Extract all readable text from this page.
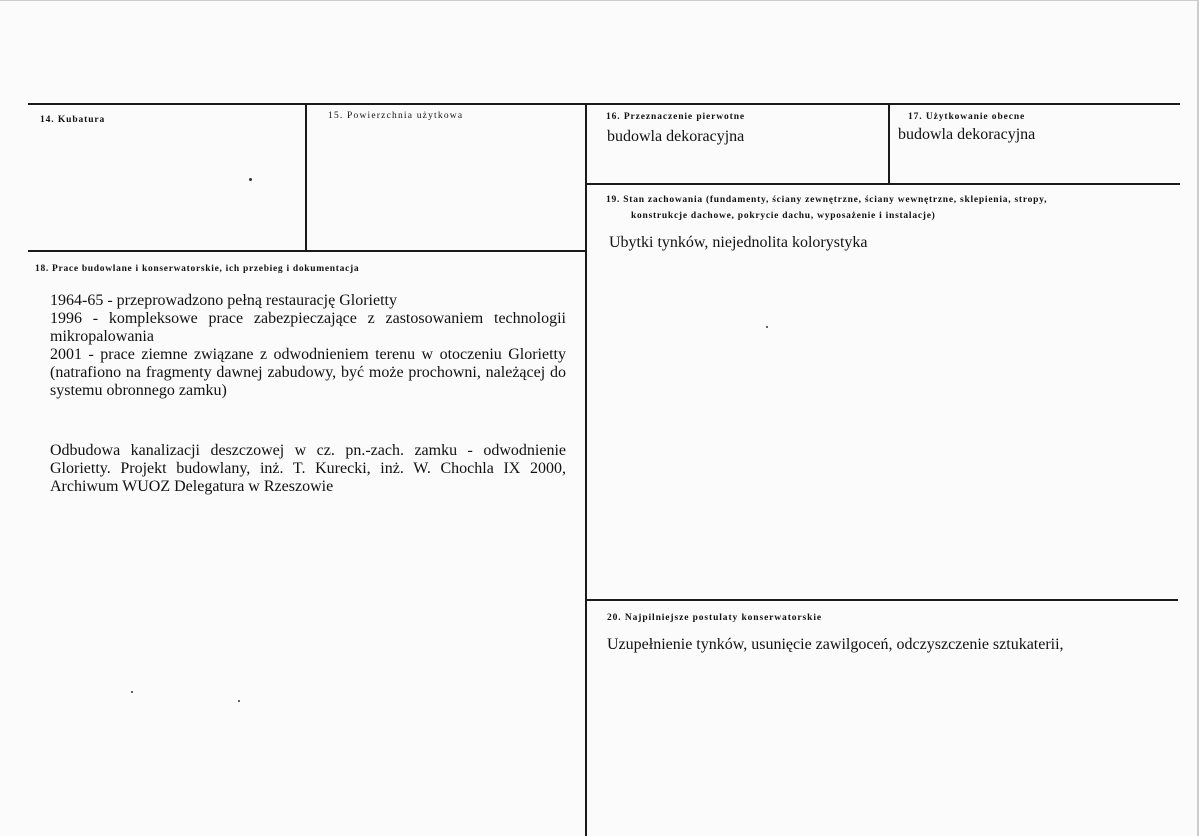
14. Kubatura	15. Powierzchnia użytkowa	16. Przeznaczenie pierwotne
budowla dekoracyjna
17. Użytkowanie obecne
budowla dekoracyjna
19. Stan zachowania (fundamenty, ściany zewnętrzne, ściany wewnętrzne, sklepienia, stropy,
konstrukcje dachowe, pokrycie dachu, wyposażenie i instalacje)
Ubytki tynków, niejednolita kolorystyka
18. Prace budowlane i konserwatorskie, ich przebieg i dokumentacja

1964-65 - przeprowadzono pełną restaurację Glorietty

1996 - kompleksowe prace zabezpieczające z zastosowaniem technologii mikropalowania

2001 - prace ziemne związane z odwodnieniem terenu w otoczeniu Glorietty (natrafiono na fragmenty dawnej zabudowy, być może prochowni, należącej do systemu obronnego zamku)

Odbudowa kanalizacji deszczowej w cz. pn.-zach. zamku - odwodnienie Glorietty. Projekt budowlany, inż. T. Kurecki, inż. W. Chochla IX 2000, Archiwum WUOZ Delegatura w Rzeszowie

20. Najpilniejsze postulaty konserwatorskie
Uzupełnienie tynków, usunięcie zawilgoceń, odczyszczenie sztukaterii,
